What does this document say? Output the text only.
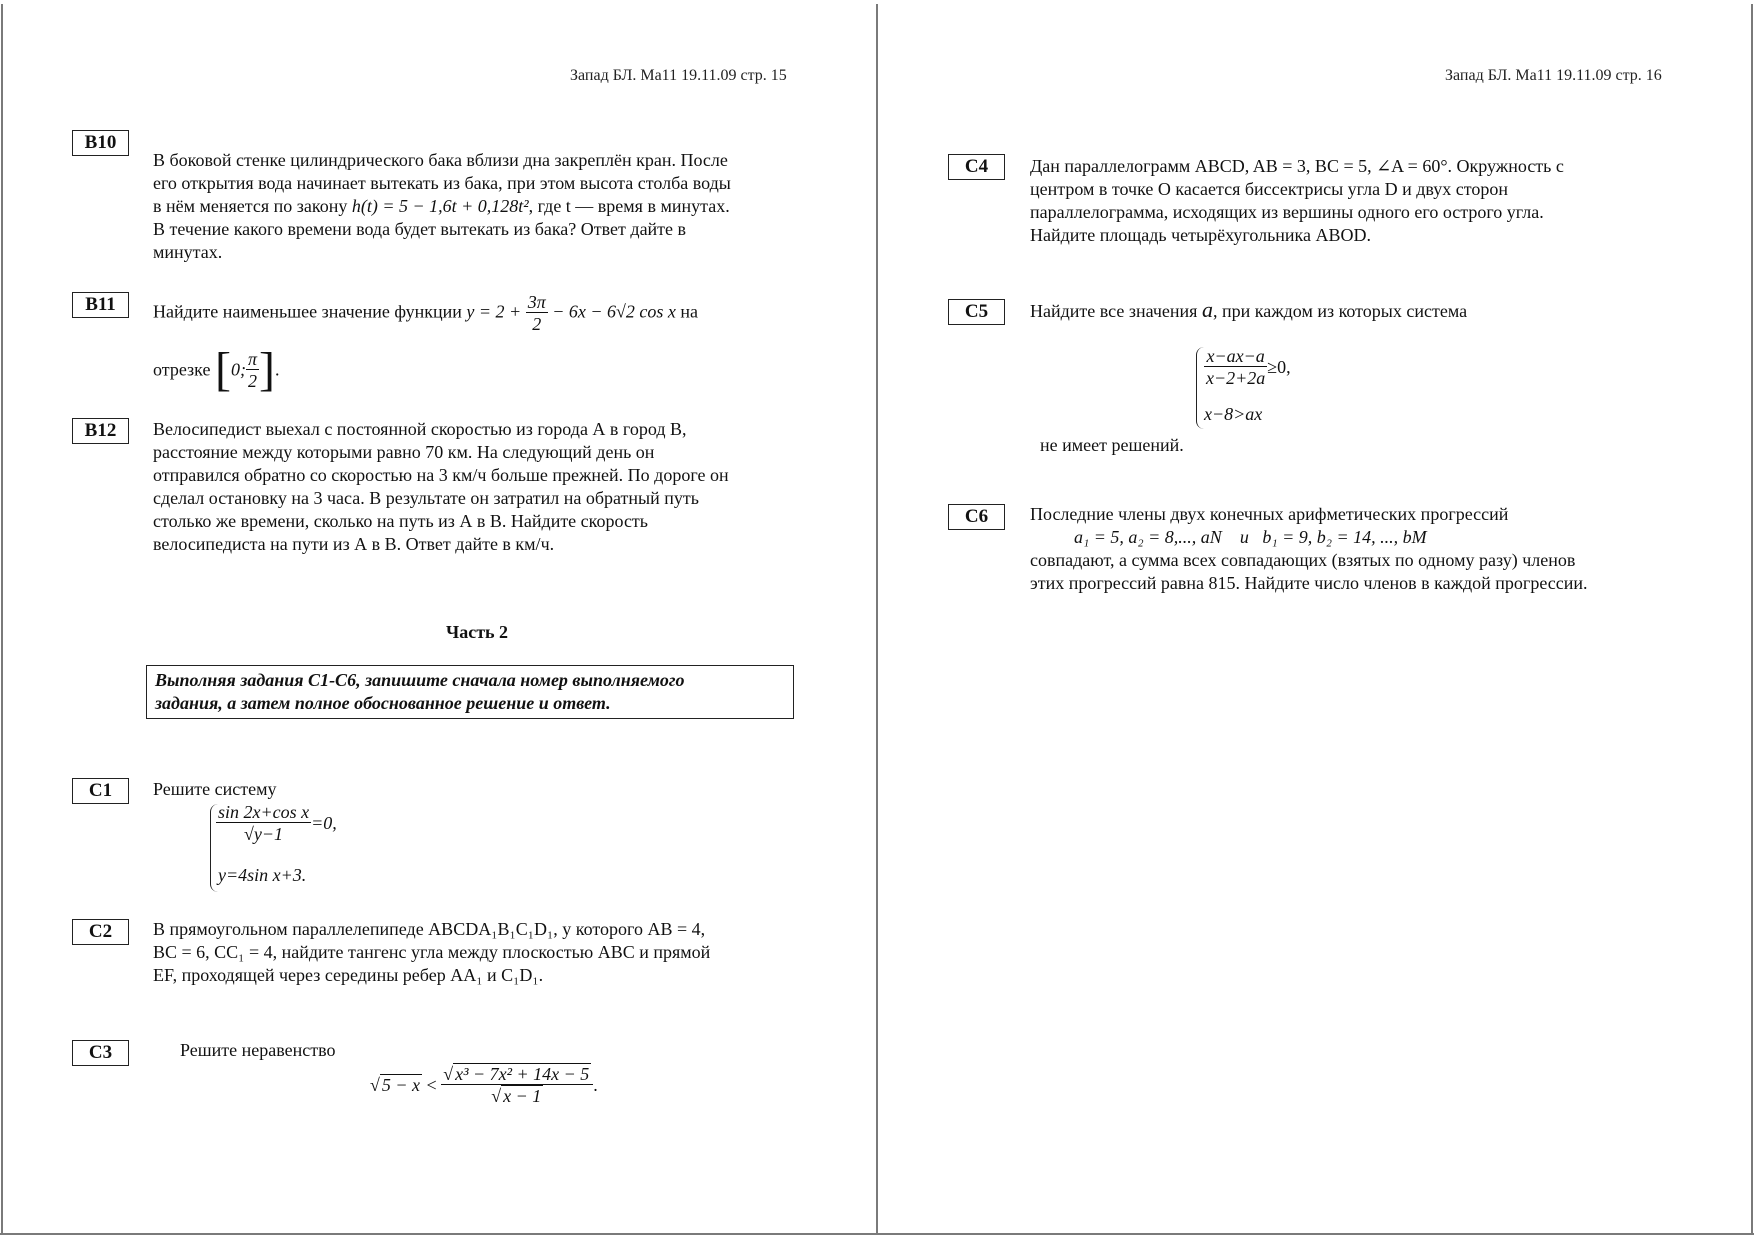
Запад БЛ. Ма11 19.11.09 стр. 15
В10
В боковой стенке цилиндрического бака вблизи дна закреплён кран. После
его открытия вода начинает вытекать из бака, при этом высота столба воды
в нём меняется по закону h(t) = 5 − 1,6t + 0,128t², где t — время в минутах.
В течение какого времени вода будет вытекать из бака? Ответ дайте в
минутах.
В11	Найдите наименьшее значение функции $y = 2 + \frac{3\pi}{2} - 6x - 6√2$ cos x на
отрезке [0; $\frac{\pi}{2}$ ].
В12	Велосипедист выехал с постоянной скоростью из города А в город В,
расстояние между которыми равно 70 км. На следующий день он
отправился обратно со скоростью на 3 км/ч больше прежней. По дороге он
сделал остановку на 3 часа. В результате он затратил на обратный путь
столько же времени, сколько на путь из А в В. Найдите скорость
велосипедиста на пути из А в В. Ответ дайте в км/ч.
Часть 2
Выполняя задания С1-С6, запишите сначала номер выполняемого
задания, а затем полное обоснованное решение и ответ.
С1	Решите систему
$\frac{\text{sin 2x+cos x}}{√y-1} =0$,
y=4sin x+3.
С2	В прямоугольном параллелепипеде ABCDA₁B₁C₁D₁, у которого AB = 4,
BC = 6, CC₁ = 4, найдите тангенс угла между плоскостью ABC и прямой
EF, проходящей через середины ребер AA₁ и C₁D₁.
С3	Решите неравенство
√ $5 - x < \frac{\text{√ x³ − 7x² + 14x − 5}}{√ x - 1}$ .
Запад БЛ. Ма11 19.11.09 стр. 16
С4	Дан параллелограмм ABCD, AB = 3, BC = 5, ∠A = 60°. Окружность с
центром в точке O касается биссектрисы угла D и двух сторон
параллелограмма, исходящих из вершины одного его острого угла.
Найдите площадь четырёхугольника ABOD.
С5	Найдите все значения a, при каждом из которых система
$\frac{x-ax-a}{x-2+2a} \ge 0$,
x−8>ax
не имеет решений.
С6	Последние члены двух конечных арифметических прогрессий
a₁ = 5, a₂ = 8,..., aN    и   b₁ = 9, b₂ = 14, ..., bM
совпадают, а сумма всех совпадающих (взятых по одному разу) членов
этих прогрессий равна 815. Найдите число членов в каждой прогрессии.
